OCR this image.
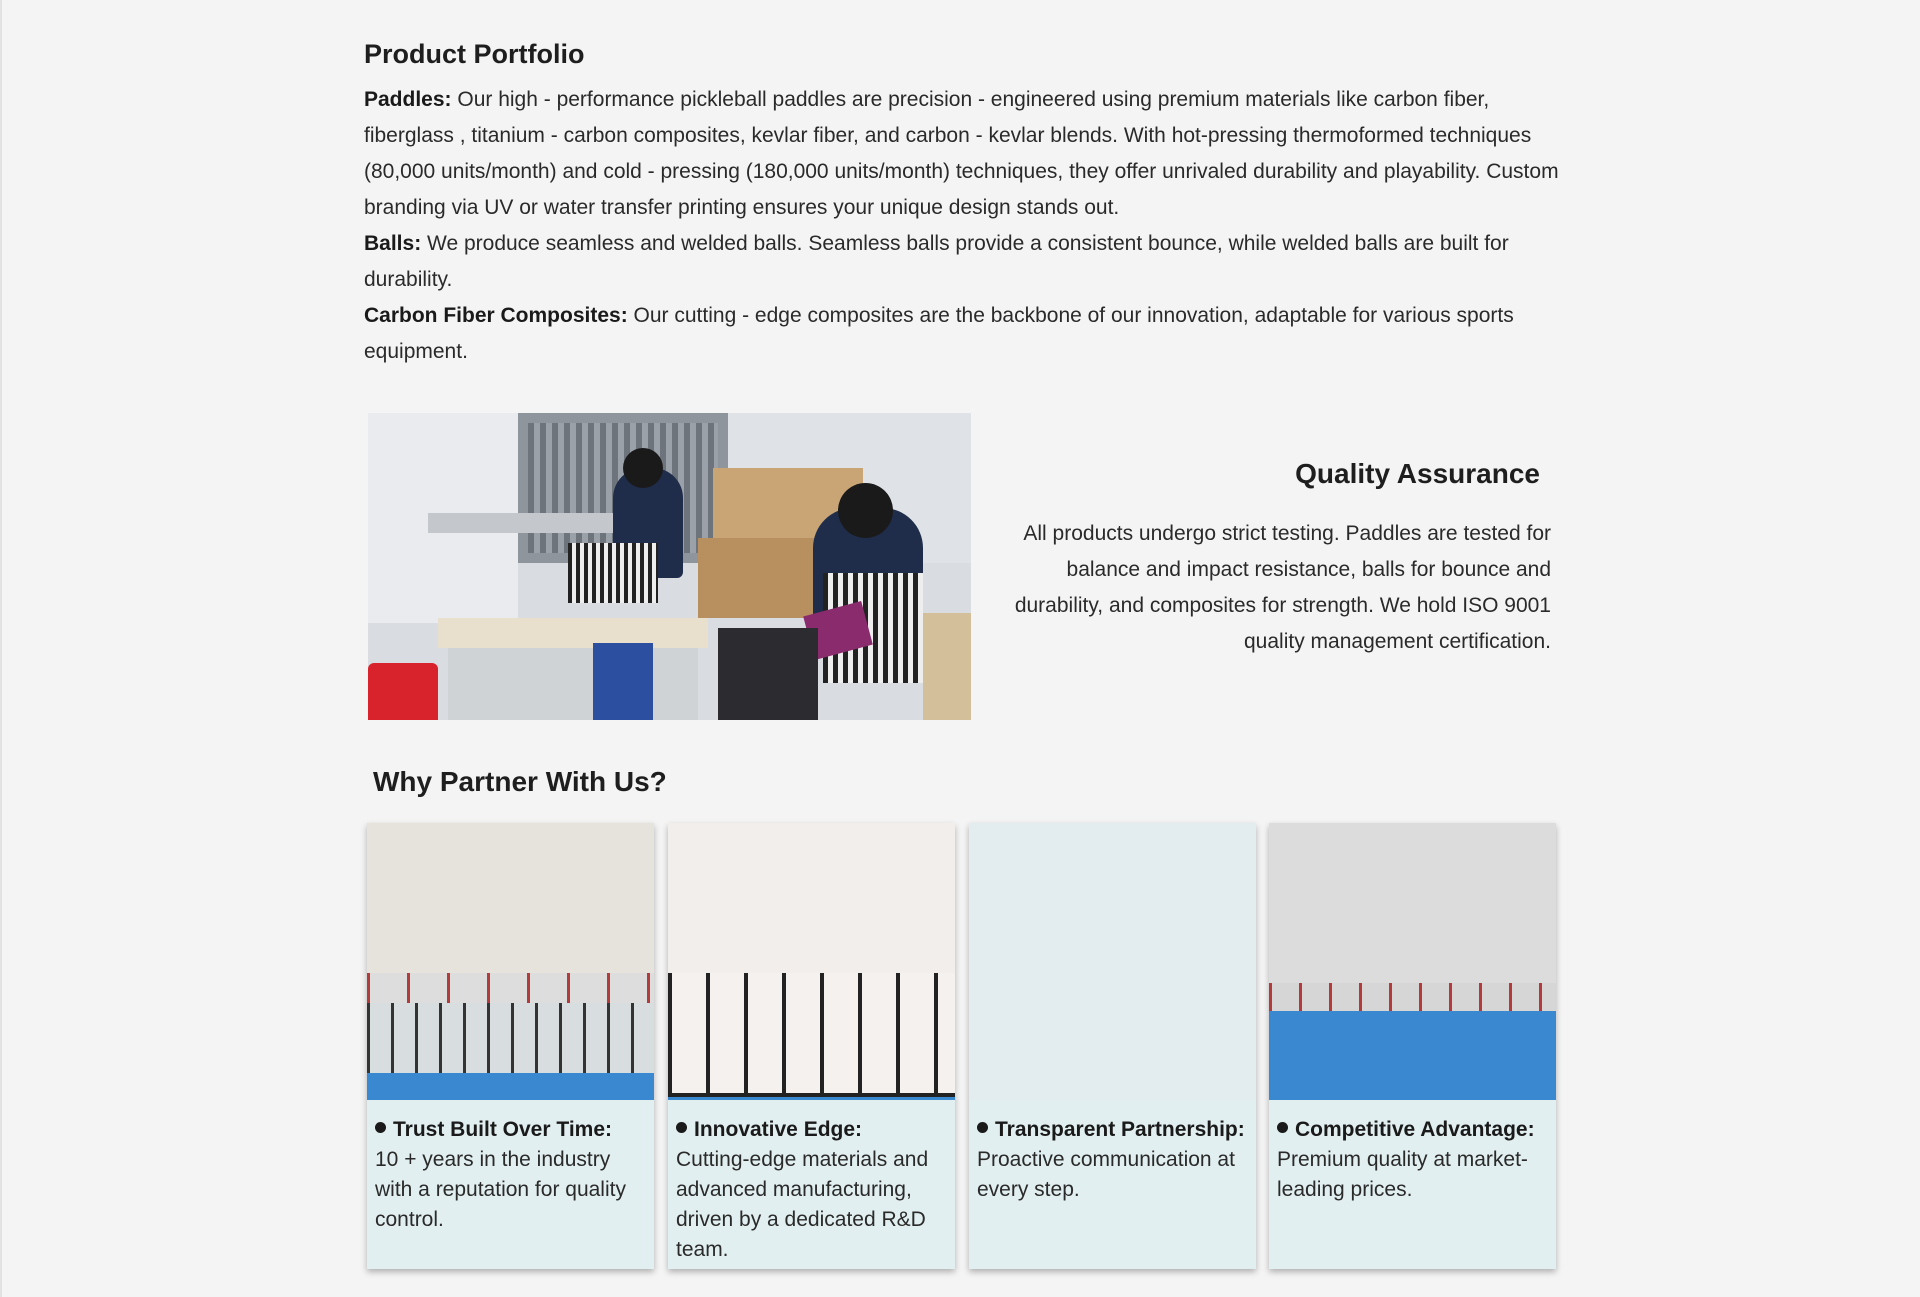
Product Portfolio

Paddles: Our high - performance pickleball paddles are precision - engineered using premium materials like carbon fiber, fiberglass , titanium - carbon composites, kevlar fiber, and carbon - kevlar blends. With hot-pressing thermoformed techniques (80,000 units/month) and cold - pressing (180,000 units/month) techniques, they offer unrivaled durability and playability. Custom branding via UV or water transfer printing ensures your unique design stands out.

Balls: We produce seamless and welded balls. Seamless balls provide a consistent bounce, while welded balls are built for durability.

Carbon Fiber Composites: Our cutting - edge composites are the backbone of our innovation, adaptable for various sports equipment.

Quality Assurance

All products undergo strict testing. Paddles are tested for balance and impact resistance, balls for bounce and durability, and composites for strength. We hold ISO 9001 quality management certification.

Why Partner With Us?
Trust Built Over Time:
10 + years in the industry with a reputation for quality control.
Innovative Edge:
Cutting-edge materials and advanced manufacturing, driven by a dedicated R&D team.
Transparent Partnership:
Proactive communication at every step.
Competitive Advantage:
Premium quality at market-leading prices.
